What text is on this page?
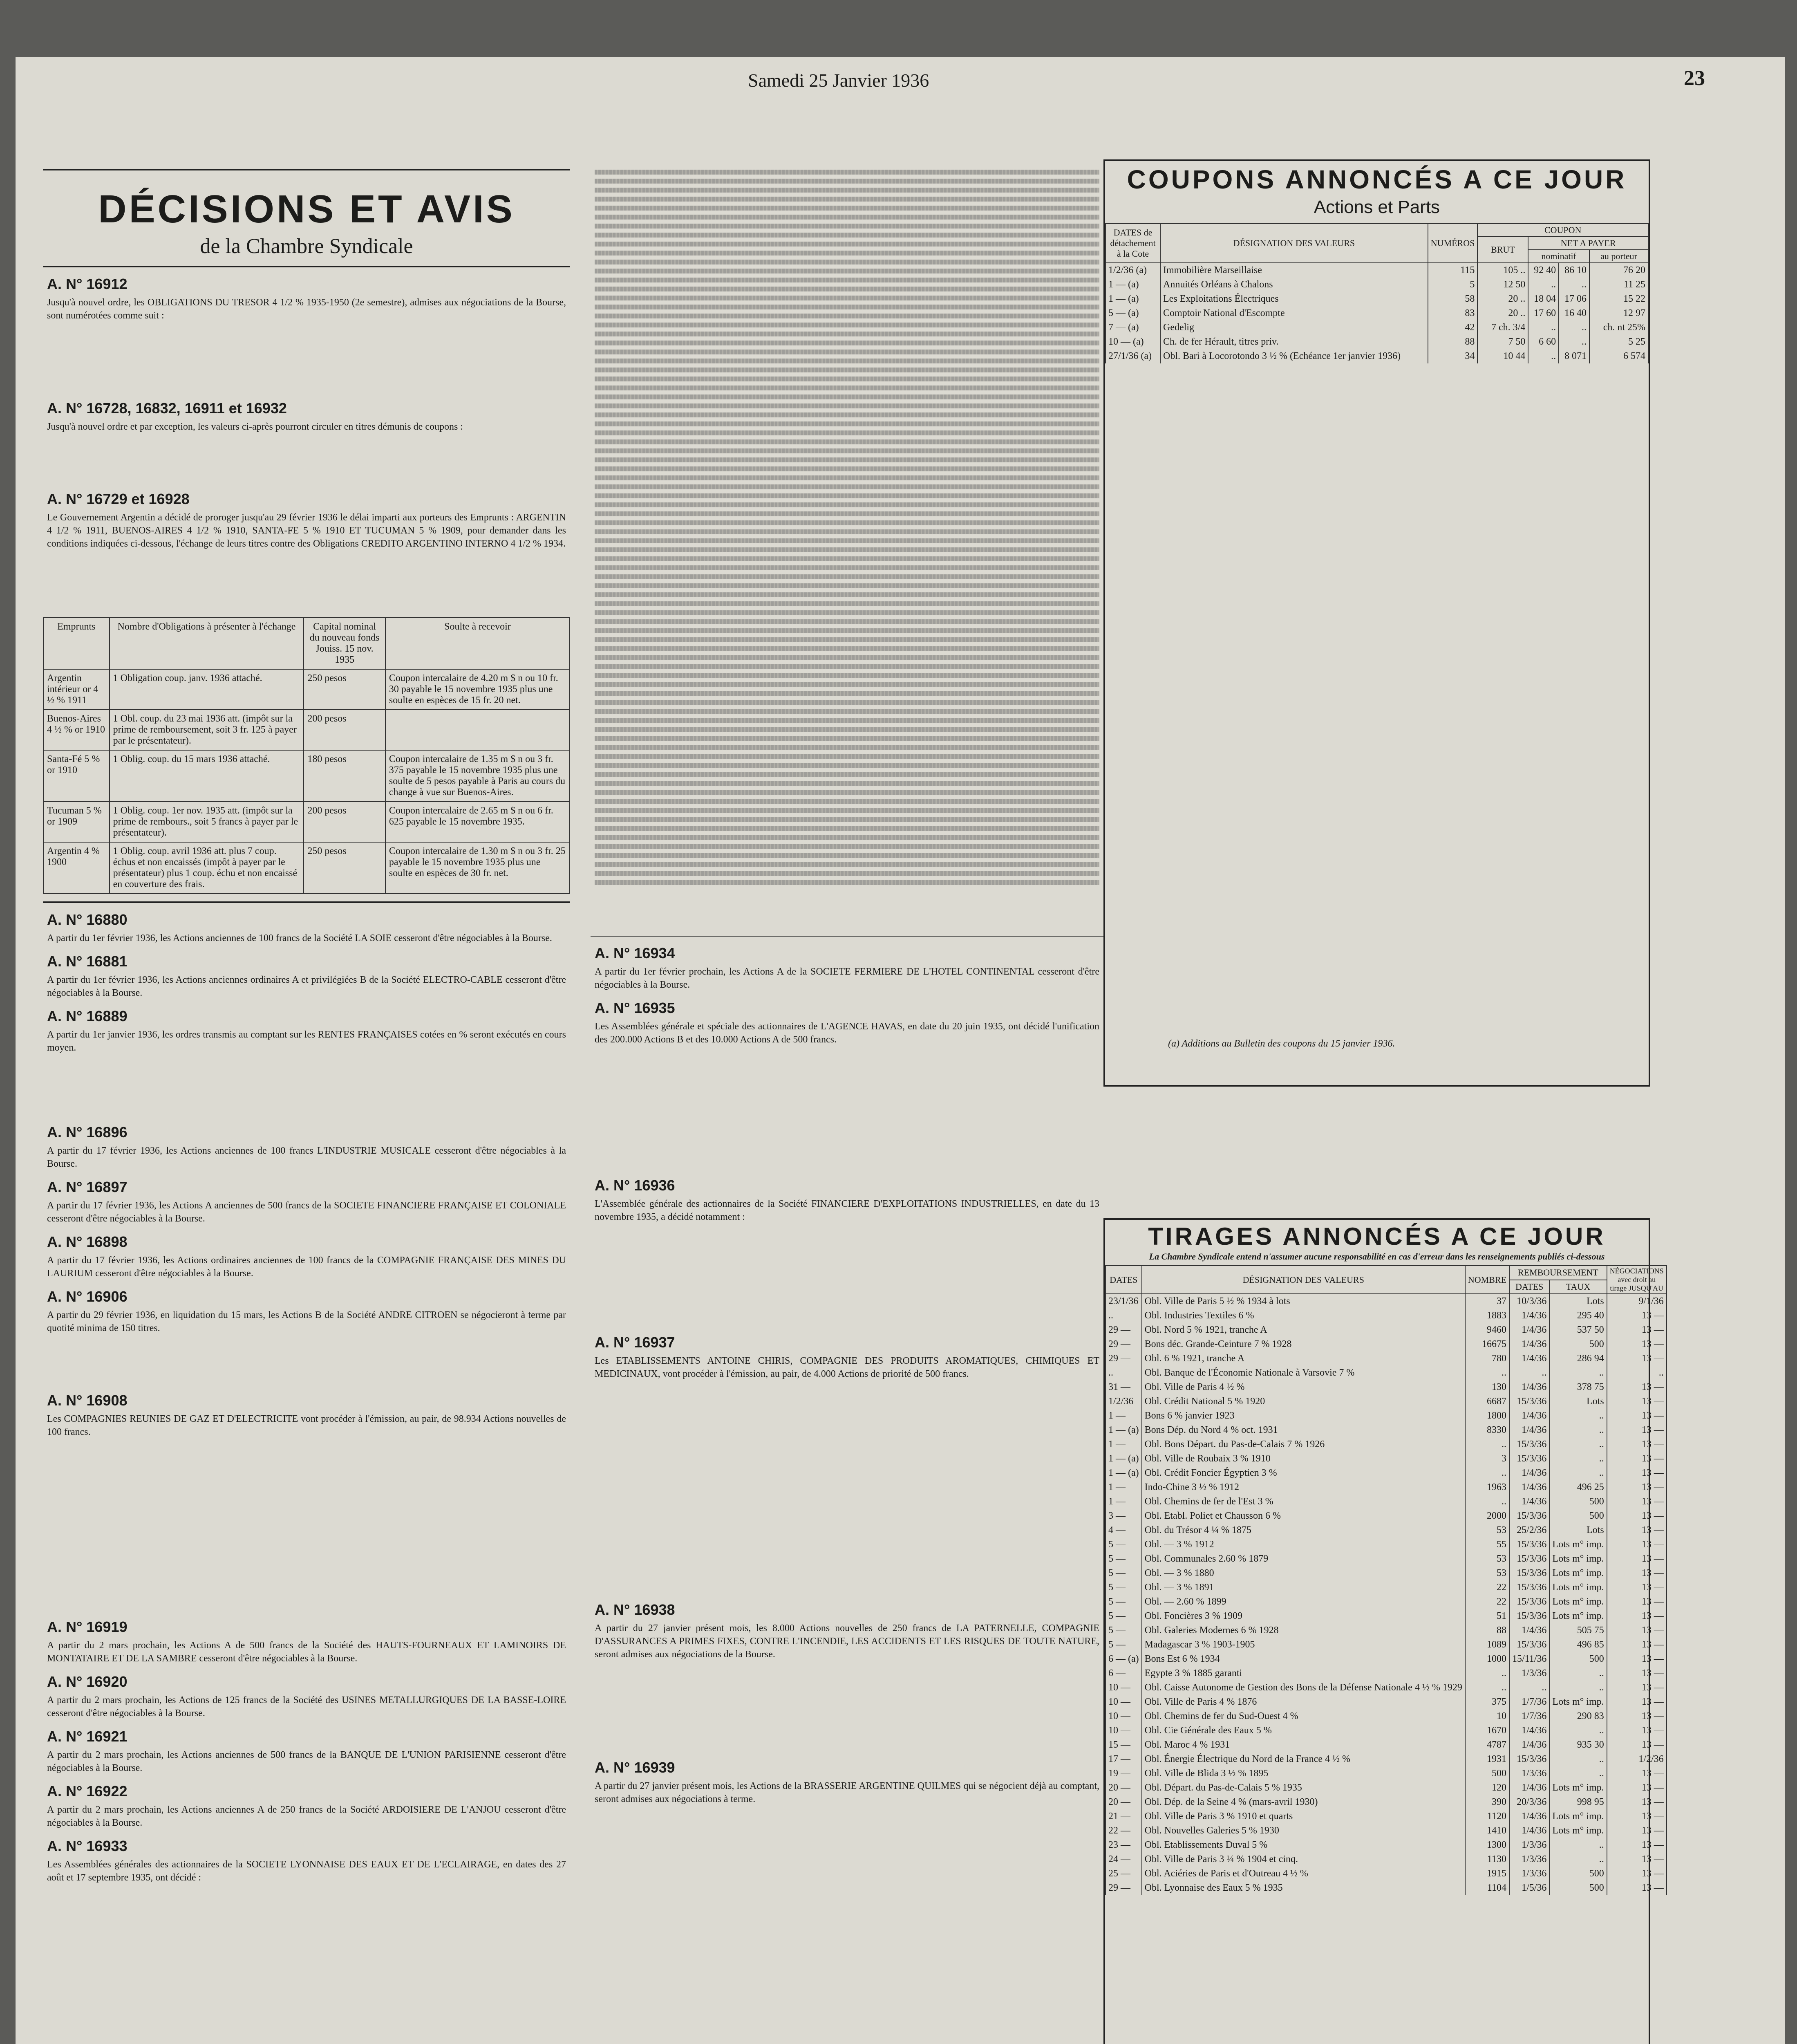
Samedi 25 Janvier 1936	23
DÉCISIONS ET AVIS
de la Chambre Syndicale
A. N° 16912
Jusqu'à nouvel ordre, les OBLIGATIONS DU TRESOR 4 1/2 % 1935-1950 (2e semestre), admises aux négociations de la Bourse, sont numérotées comme suit :
A. N° 16728, 16832, 16911 et 16932
Jusqu'à nouvel ordre et par exception, les valeurs ci-après pourront circuler en titres démunis de coupons :
A. N° 16729 et 16928
Le Gouvernement Argentin a décidé de proroger jusqu'au 29 février 1936 le délai imparti aux porteurs des Emprunts : ARGENTIN 4 1/2 % 1911, BUENOS-AIRES 4 1/2 % 1910, SANTA-FE 5 % 1910 ET TUCUMAN 5 % 1909, pour demander dans les conditions indiquées ci-dessous, l'échange de leurs titres contre des Obligations CREDITO ARGENTINO INTERNO 4 1/2 % 1934.
Emprunts	Nombre d'Obligations à présenter à l'échange	Capital nominal du nouveau fonds Jouiss. 15 nov. 1935	Soulte à recevoir
Argentin intérieur or 4 ½ % 1911	1 Obligation coup. janv. 1936 attaché.	250 pesos	Coupon intercalaire de 4.20 m $ n ou 10 fr. 30 payable le 15 novembre 1935 plus une soulte en espèces de 15 fr. 20 net.
Buenos-Aires 4 ½ % or 1910	1 Obl. coup. du 23 mai 1936 att. (impôt sur la prime de remboursement, soit 3 fr. 125 à payer par le présentateur).	200 pesos	
Santa-Fé 5 % or 1910	1 Oblig. coup. du 15 mars 1936 attaché.	180 pesos	Coupon intercalaire de 1.35 m $ n ou 3 fr. 375 payable le 15 novembre 1935 plus une soulte de 5 pesos payable à Paris au cours du change à vue sur Buenos-Aires.
Tucuman 5 % or 1909	1 Oblig. coup. 1er nov. 1935 att. (impôt sur la prime de rembours., soit 5 francs à payer par le présentateur).	200 pesos	Coupon intercalaire de 2.65 m $ n ou 6 fr. 625 payable le 15 novembre 1935.
Argentin 4 % 1900	1 Oblig. coup. avril 1936 att. plus 7 coup. échus et non encaissés (impôt à payer par le présentateur) plus 1 coup. échu et non encaissé en couverture des frais.	250 pesos	Coupon intercalaire de 1.30 m $ n ou 3 fr. 25 payable le 15 novembre 1935 plus une soulte en espèces de 30 fr. net.
A. N° 16880
A partir du 1er février 1936, les Actions anciennes de 100 francs de la Société LA SOIE cesseront d'être négociables à la Bourse.
A. N° 16881
A partir du 1er février 1936, les Actions anciennes ordinaires A et privilégiées B de la Société ELECTRO-CABLE cesseront d'être négociables à la Bourse.
A. N° 16889
A partir du 1er janvier 1936, les ordres transmis au comptant sur les RENTES FRANÇAISES cotées en % seront exécutés en cours moyen.
A. N° 16896
A partir du 17 février 1936, les Actions anciennes de 100 francs L'INDUSTRIE MUSICALE cesseront d'être négociables à la Bourse.
A. N° 16897
A partir du 17 février 1936, les Actions A anciennes de 500 francs de la SOCIETE FINANCIERE FRANÇAISE ET COLONIALE cesseront d'être négociables à la Bourse.
A. N° 16898
A partir du 17 février 1936, les Actions ordinaires anciennes de 100 francs de la COMPAGNIE FRANÇAISE DES MINES DU LAURIUM cesseront d'être négociables à la Bourse.
A. N° 16906
A partir du 29 février 1936, en liquidation du 15 mars, les Actions B de la Société ANDRE CITROEN se négocieront à terme par quotité minima de 150 titres.
A. N° 16908
Les COMPAGNIES REUNIES DE GAZ ET D'ELECTRICITE vont procéder à l'émission, au pair, de 98.934 Actions nouvelles de 100 francs.
A. N° 16919
A partir du 2 mars prochain, les Actions A de 500 francs de la Société des HAUTS-FOURNEAUX ET LAMINOIRS DE MONTATAIRE ET DE LA SAMBRE cesseront d'être négociables à la Bourse.
A. N° 16920
A partir du 2 mars prochain, les Actions de 125 francs de la Société des USINES METALLURGIQUES DE LA BASSE-LOIRE cesseront d'être négociables à la Bourse.
A. N° 16921
A partir du 2 mars prochain, les Actions anciennes de 500 francs de la BANQUE DE L'UNION PARISIENNE cesseront d'être négociables à la Bourse.
A. N° 16922
A partir du 2 mars prochain, les Actions anciennes A de 250 francs de la Société ARDOISIERE DE L'ANJOU cesseront d'être négociables à la Bourse.
A. N° 16933
Les Assemblées générales des actionnaires de la SOCIETE LYONNAISE DES EAUX ET DE L'ECLAIRAGE, en dates des 27 août et 17 septembre 1935, ont décidé :
A. N° 16934
A partir du 1er février prochain, les Actions A de la SOCIETE FERMIERE DE L'HOTEL CONTINENTAL cesseront d'être négociables à la Bourse.
A. N° 16935
Les Assemblées générale et spéciale des actionnaires de L'AGENCE HAVAS, en date du 20 juin 1935, ont décidé l'unification des 200.000 Actions B et des 10.000 Actions A de 500 francs.
A. N° 16936
L'Assemblée générale des actionnaires de la Société FINANCIERE D'EXPLOITATIONS INDUSTRIELLES, en date du 13 novembre 1935, a décidé notamment :
A. N° 16937
Les ETABLISSEMENTS ANTOINE CHIRIS, COMPAGNIE DES PRODUITS AROMATIQUES, CHIMIQUES ET MEDICINAUX, vont procéder à l'émission, au pair, de 4.000 Actions de priorité de 500 francs.
A. N° 16938
A partir du 27 janvier présent mois, les 8.000 Actions nouvelles de 250 francs de LA PATERNELLE, COMPAGNIE D'ASSURANCES A PRIMES FIXES, CONTRE L'INCENDIE, LES ACCIDENTS ET LES RISQUES DE TOUTE NATURE, seront admises aux négociations de la Bourse.
A. N° 16939
A partir du 27 janvier présent mois, les Actions de la BRASSERIE ARGENTINE QUILMES qui se négocient déjà au comptant, seront admises aux négociations à terme.
COUPONS ANNONCÉS A CE JOUR
Actions et Parts
DATES de détachement à la Cote	DÉSIGNATION DES VALEURS	NUMÉROS	COUPON			
			BRUT	NET A PAYER		
				nominatif		au porteur
1/2/36 (a)	Immobilière Marseillaise	115	105 ..	92 40	86 10	76 20
1 — (a)	Annuités Orléans à Chalons	5	12 50	..	..	11 25
1 — (a)	Les Exploitations Électriques	58	20 ..	18 04	17 06	15 22
5 — (a)	Comptoir National d'Escompte	83	20 ..	17 60	16 40	12 97
7 — (a)	Gedelig	42	7 ch. 3/4	..	..	ch. nt 25%
10 — (a)	Ch. de fer Hérault, titres priv.	88	7 50	6 60	..	5 25
27/1/36 (a)	Obl. Bari à Locorotondo 3 ½ % (Echéance 1er janvier 1936)	34	10 44	..	8 071	6 574
(a) Additions au Bulletin des coupons du 15 janvier 1936.
TIRAGES ANNONCÉS A CE JOUR
La Chambre Syndicale entend n'assumer aucune responsabilité en cas d'erreur dans les renseignements publiés ci-dessous
DATES	DÉSIGNATION DES VALEURS	NOMBRE	REMBOURSEMENT		NÉGOCIATIONS avec droit au tirage JUSQU'AU
			DATES	TAUX	
23/1/36	Obl. Ville de Paris 5 ½ % 1934 à lots	37	10/3/36	Lots	9/1/36
..	Obl. Industries Textiles 6 %	1883	1/4/36	295 40	13 —
29 —	Obl. Nord 5 % 1921, tranche A	9460	1/4/36	537 50	13 —
29 —	Bons déc. Grande-Ceinture 7 % 1928	16675	1/4/36	500	13 —
29 —	Obl. 6 % 1921, tranche A	780	1/4/36	286 94	13 —
..	Obl. Banque de l'Économie Nationale à Varsovie 7 %	..	..	..	..
31 —	Obl. Ville de Paris 4 ½ %	130	1/4/36	378 75	13 —
1/2/36	Obl. Crédit National 5 % 1920	6687	15/3/36	Lots	13 —
1 —	Bons 6 % janvier 1923	1800	1/4/36	..	13 —
1 — (a)	Bons Dép. du Nord 4 % oct. 1931	8330	1/4/36	..	13 —
1 —	Obl. Bons Départ. du Pas-de-Calais 7 % 1926	..	15/3/36	..	13 —
1 — (a)	Obl. Ville de Roubaix 3 % 1910	3	15/3/36	..	13 —
1 — (a)	Obl. Crédit Foncier Égyptien 3 %	..	1/4/36	..	13 —
1 —	Indo-Chine 3 ½ % 1912	1963	1/4/36	496 25	13 —
1 —	Obl. Chemins de fer de l'Est 3 %	..	1/4/36	500	13 —
3 —	Obl. Etabl. Poliet et Chausson 6 %	2000	15/3/36	500	13 —
4 —	Obl. du Trésor 4 ¼ % 1875	53	25/2/36	Lots	13 —
5 —	Obl. — 3 % 1912	55	15/3/36	Lots m° imp.	13 —
5 —	Obl. Communales 2.60 % 1879	53	15/3/36	Lots m° imp.	13 —
5 —	Obl. — 3 % 1880	53	15/3/36	Lots m° imp.	13 —
5 —	Obl. — 3 % 1891	22	15/3/36	Lots m° imp.	13 —
5 —	Obl. — 2.60 % 1899	22	15/3/36	Lots m° imp.	13 —
5 —	Obl. Foncières 3 % 1909	51	15/3/36	Lots m° imp.	13 —
5 —	Obl. Galeries Modernes 6 % 1928	88	1/4/36	505 75	13 —
5 —	Madagascar 3 % 1903-1905	1089	15/3/36	496 85	13 —
6 — (a)	Bons Est 6 % 1934	1000	15/11/36	500	13 —
6 —	Egypte 3 % 1885 garanti	..	1/3/36	..	13 —
10 —	Obl. Caisse Autonome de Gestion des Bons de la Défense Nationale 4 ½ % 1929	..	..	..	13 —
10 —	Obl. Ville de Paris 4 % 1876	375	1/7/36	Lots m° imp.	13 —
10 —	Obl. Chemins de fer du Sud-Ouest 4 %	10	1/7/36	290 83	13 —
10 —	Obl. Cie Générale des Eaux 5 %	1670	1/4/36	..	13 —
15 —	Obl. Maroc 4 % 1931	4787	1/4/36	935 30	13 —
17 —	Obl. Énergie Électrique du Nord de la France 4 ½ %	1931	15/3/36	..	1/2/36
19 —	Obl. Ville de Blida 3 ½ % 1895	500	1/3/36	..	13 —
20 —	Obl. Départ. du Pas-de-Calais 5 % 1935	120	1/4/36	Lots m° imp.	13 —
20 —	Obl. Dép. de la Seine 4 % (mars-avril 1930)	390	20/3/36	998 95	13 —
21 —	Obl. Ville de Paris 3 % 1910 et quarts	1120	1/4/36	Lots m° imp.	13 —
22 —	Obl. Nouvelles Galeries 5 % 1930	1410	1/4/36	Lots m° imp.	13 —
23 —	Obl. Etablissements Duval 5 %	1300	1/3/36	..	13 —
24 —	Obl. Ville de Paris 3 ¼ % 1904 et cinq.	1130	1/3/36	..	13 —
25 —	Obl. Aciéries de Paris et d'Outreau 4 ½ %	1915	1/3/36	500	13 —
29 —	Obl. Lyonnaise des Eaux 5 % 1935	1104	1/5/36	500	13 —
